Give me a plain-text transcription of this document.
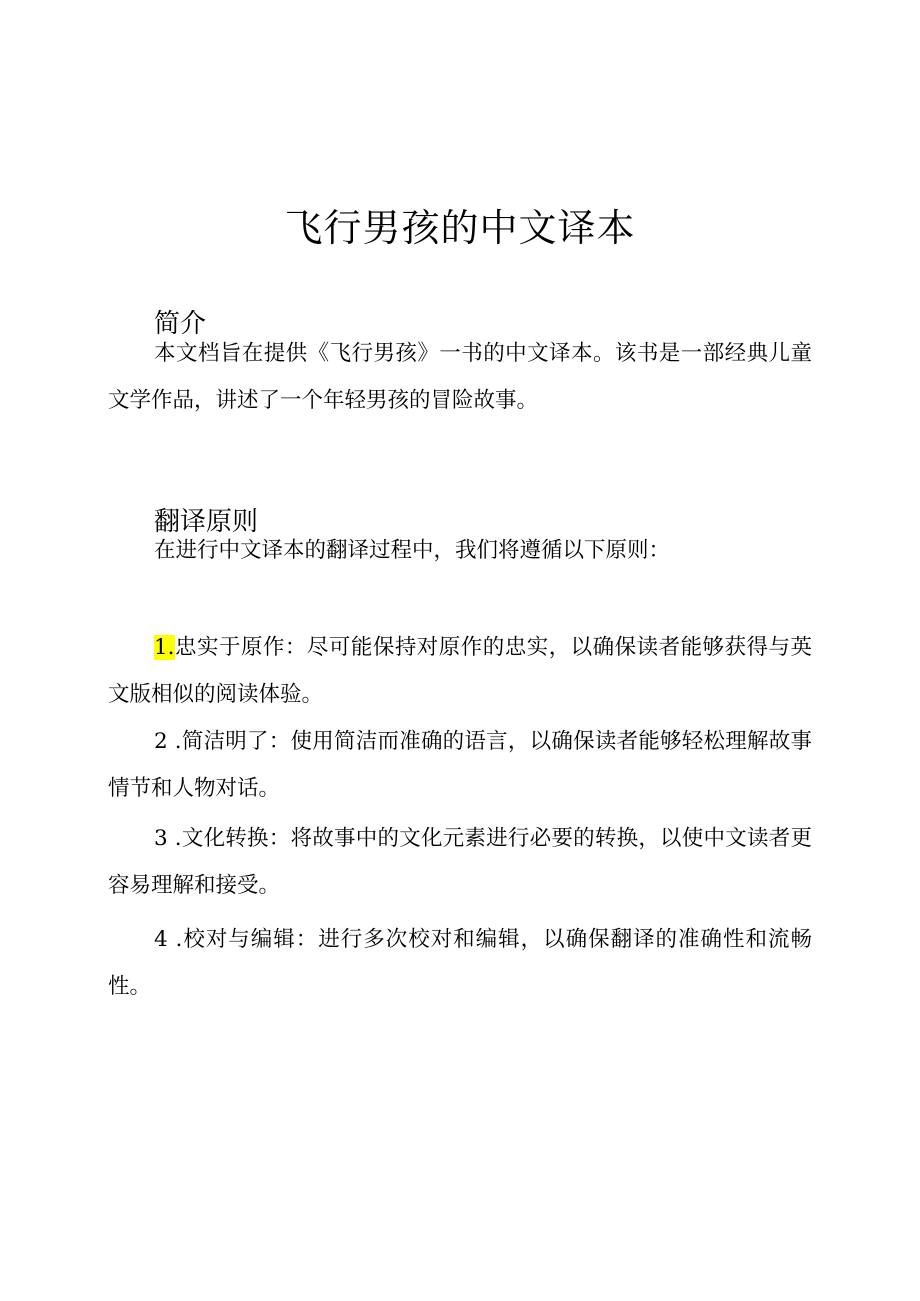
飞行男孩的中文译本
简介

本文档旨在提供《飞行男孩》一书的中文译本。该书是一部经典儿童文学作品，讲述了一个年轻男孩的冒险故事。

翻译原则

在进行中文译本的翻译过程中，我们将遵循以下原则：

1.忠实于原作：尽可能保持对原作的忠实，以确保读者能够获得与英文版相似的阅读体验。

2 .简洁明了：使用简洁而准确的语言，以确保读者能够轻松理解故事情节和人物对话。

3 .文化转换：将故事中的文化元素进行必要的转换，以使中文读者更容易理解和接受。

4 .校对与编辑：进行多次校对和编辑，以确保翻译的准确性和流畅性。
